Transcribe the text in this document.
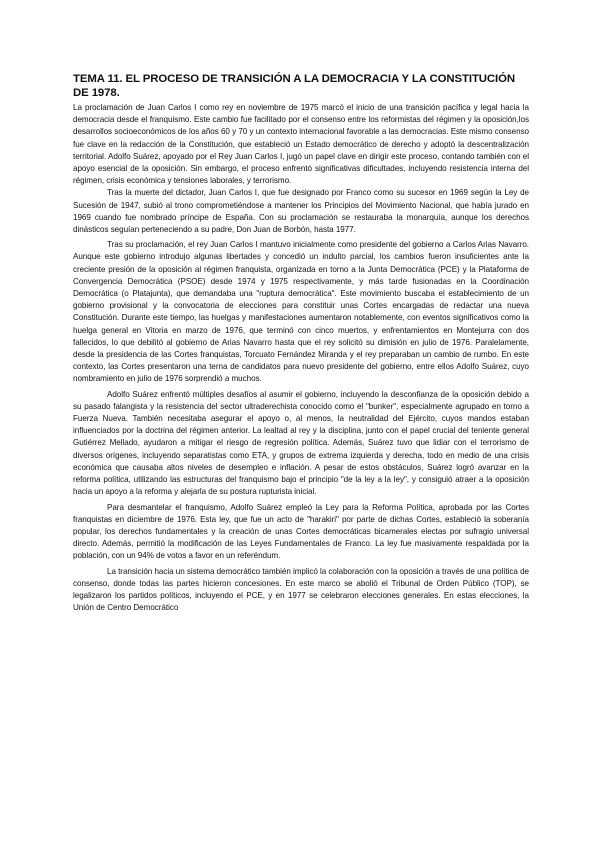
TEMA 11. EL PROCESO DE TRANSICIÓN A LA DEMOCRACIA Y LA CONSTITUCIÓN DE 1978.

La proclamación de Juan Carlos I como rey en noviembre de 1975 marcó el inicio de una transición pacífica y legal hacia la democracia desde el franquismo. Este cambio fue facilitado por el consenso entre los reformistas del régimen y la oposición,los desarrollos socioeconómicos de los años 60 y 70 y un contexto internacional favorable a las democracias. Este mismo consenso fue clave en la redacción de la Constitución, que estableció un Estado democrático de derecho y adoptó la descentralización territorial. Adolfo Suárez, apoyado por el Rey Juan Carlos I, jugó un papel clave en dirigir este proceso, contando también con el apoyo esencial de la oposición. Sin embargo, el proceso enfrentó significativas dificultades, incluyendo resistencia interna del régimen, crisis económica y tensiones laborales, y terrorismo.

Tras la muerte del dictador, Juan Carlos I, que fue designado por Franco como su sucesor en 1969 según la Ley de Sucesión de 1947, subió al trono comprometiéndose a mantener los Principios del Movimiento Nacional, que había jurado en 1969 cuando fue nombrado príncipe de España. Con su proclamación se restauraba la monarquía, aunque los derechos dinásticos seguían perteneciendo a su padre, Don Juan de Borbón, hasta 1977.

Tras su proclamación, el rey Juan Carlos I mantuvo inicialmente como presidente del gobierno a Carlos Arias Navarro. Aunque este gobierno introdujo algunas libertades y concedió un indulto parcial, los cambios fueron insuficientes ante la creciente presión de la oposición al régimen franquista, organizada en torno a la Junta Democrática (PCE) y la Plataforma de Convergencia Democrática (PSOE) desde 1974 y 1975 respectivamente, y más tarde fusionadas en la Coordinación Democrática (o Platajunta), que demandaba una "ruptura democrática". Este movimiento buscaba el establecimiento de un gobierno provisional y la convocatoria de elecciones para constituir unas Cortes encargadas de redactar una nueva Constitución. Durante este tiempo, las huelgas y manifestaciones aumentaron notablemente, con eventos significativos como la huelga general en Vitoria en marzo de 1976, que terminó con cinco muertos, y enfrentamientos en Montejurra con dos fallecidos, lo que debilitó al gobierno de Arias Navarro hasta que el rey solicitó su dimisión en julio de 1976. Paralelamente, desde la presidencia de las Cortes franquistas, Torcuato Fernández Miranda y el rey preparaban un cambio de rumbo. En este contexto, las Cortes presentaron una terna de candidatos para nuevo presidente del gobierno, entre ellos Adolfo Suárez, cuyo nombramiento en julio de 1976 sorprendió a muchos.

Adolfo Suárez enfrentó múltiples desafíos al asumir el gobierno, incluyendo la desconfianza de la oposición debido a su pasado falangista y la resistencia del sector ultraderechista conocido como el "bunker", especialmente agrupado en torno a Fuerza Nueva. También necesitaba asegurar el apoyo o, al menos, la neutralidad del Ejército, cuyos mandos estaban influenciados por la doctrina del régimen anterior. La lealtad al rey y la disciplina, junto con el papel crucial del teniente general Gutiérrez Mellado, ayudaron a mitigar el riesgo de regresión política. Además, Suárez tuvo que lidiar con el terrorismo de diversos orígenes, incluyendo separatistas como ETA, y grupos de extrema izquierda y derecha, todo en medio de una crisis económica que causaba altos niveles de desempleo e inflación. A pesar de estos obstáculos, Suárez logró avanzar en la reforma política, utilizando las estructuras del franquismo bajo el principio "de la ley a la ley", y consiguió atraer a la oposición hacia un apoyo a la reforma y alejarla de su postura rupturista inicial.

Para desmantelar el franquismo, Adolfo Suárez empleó la Ley para la Reforma Política, aprobada por las Cortes franquistas en diciembre de 1976. Esta ley, que fue un acto de "harakiri" por parte de dichas Cortes, estableció la soberanía popular, los derechos fundamentales y la creación de unas Cortes democráticas bicamerales electas por sufragio universal directo. Además, permitió la modificación de las Leyes Fundamentales de Franco. La ley fue masivamente respaldada por la población, con un 94% de votos a favor en un referéndum.

La transición hacia un sistema democrático también implicó la colaboración con la oposición a través de una política de consenso, donde todas las partes hicieron concesiones. En este marco se abolió el Tribunal de Orden Público (TOP), se legalizaron los partidos políticos, incluyendo el PCE, y en 1977 se celebraron elecciones generales. En estas elecciones, la Unión de Centro Democrático
